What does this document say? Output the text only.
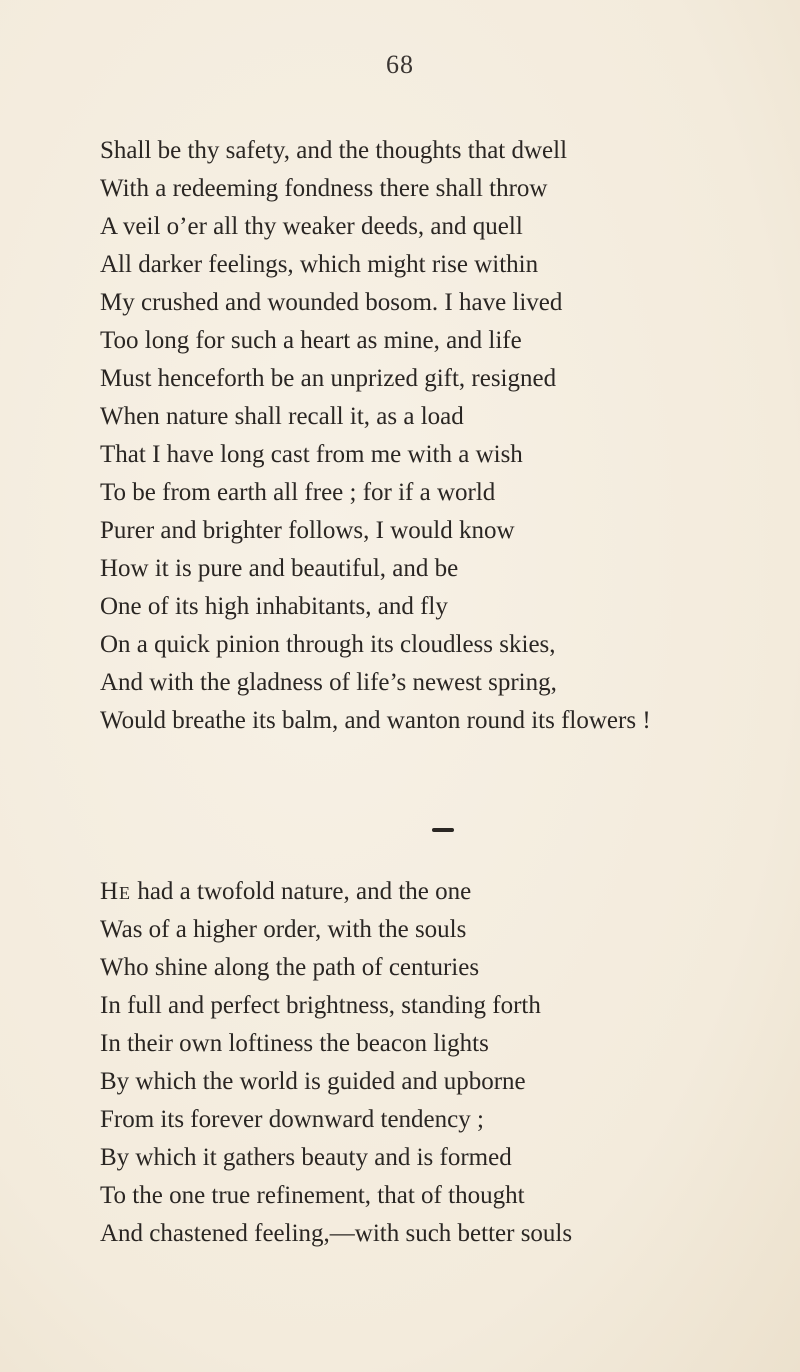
68
Shall be thy safety, and the thoughts that dwell
With a redeeming fondness there shall throw
A veil o’er all thy weaker deeds, and quell
All darker feelings, which might rise within
My crushed and wounded bosom. I have lived
Too long for such a heart as mine, and life
Must henceforth be an unprized gift, resigned
When nature shall recall it, as a load
That I have long cast from me with a wish
To be from earth all free ; for if a world
Purer and brighter follows, I would know
How it is pure and beautiful, and be
One of its high inhabitants, and fly
On a quick pinion through its cloudless skies,
And with the gladness of life’s newest spring,
Would breathe its balm, and wanton round its flowers !
He had a twofold nature, and the one
Was of a higher order, with the souls
Who shine along the path of centuries
In full and perfect brightness, standing forth
In their own loftiness the beacon lights
By which the world is guided and upborne
From its forever downward tendency ;
By which it gathers beauty and is formed
To the one true refinement, that of thought
And chastened feeling,—with such better souls
